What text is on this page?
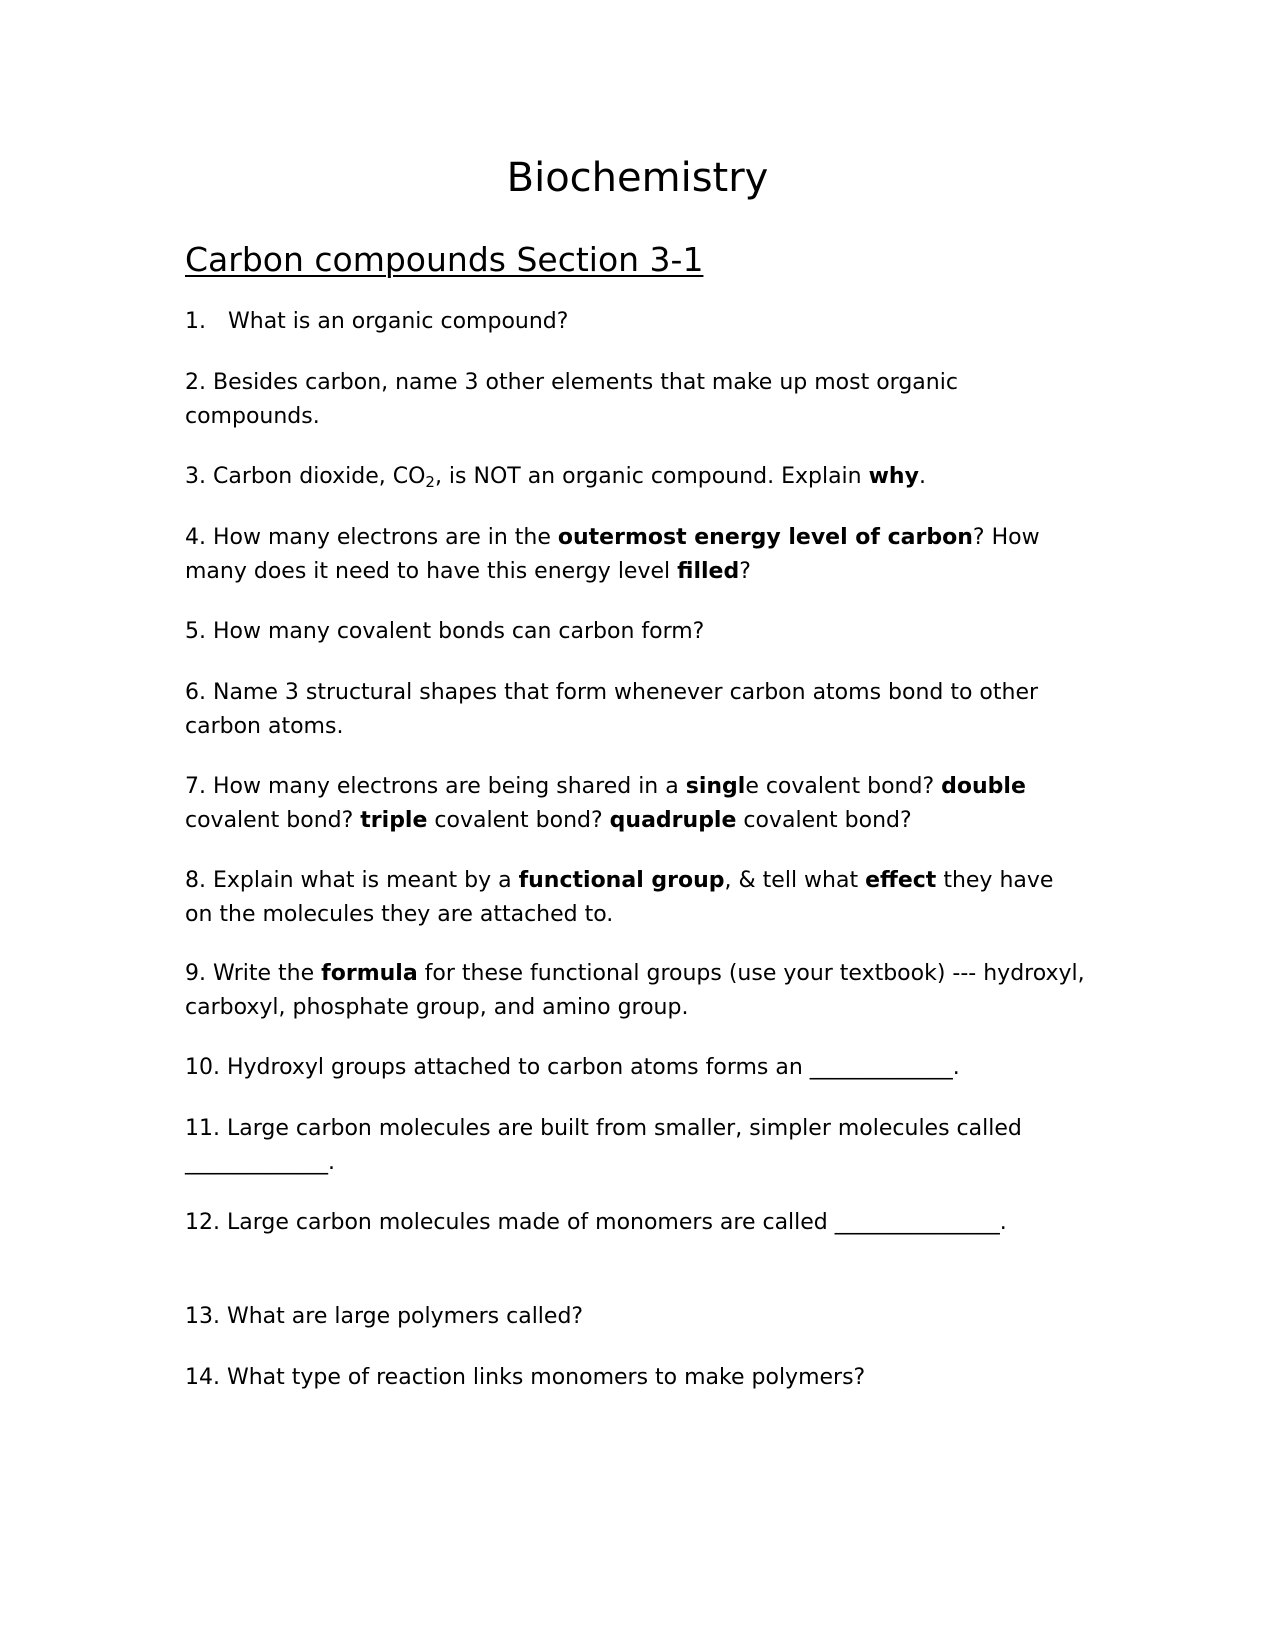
Biochemistry
Carbon compounds Section 3-1

1. What is an organic compound?

2. Besides carbon, name 3 other elements that make up most organic compounds.

3. Carbon dioxide, $CO_2$, is NOT an organic compound. Explain why.

4. How many electrons are in the outermost energy level of carbon? How many does it need to have this energy level filled?

5. How many covalent bonds can carbon form?

6. Name 3 structural shapes that form whenever carbon atoms bond to other carbon atoms.

7. How many electrons are being shared in a single covalent bond? double covalent bond? triple covalent bond? quadruple covalent bond?

8. Explain what is meant by a functional group, & tell what effect they have on the molecules they are attached to.

9. Write the formula for these functional groups (use your textbook) --- hydroxyl, carboxyl, phosphate group, and amino group.

10. Hydroxyl groups attached to carbon atoms forms an _____________.

11. Large carbon molecules are built from smaller, simpler molecules called _____________.

12. Large carbon molecules made of monomers are called _______________.

13. What are large polymers called?

14. What type of reaction links monomers to make polymers?
